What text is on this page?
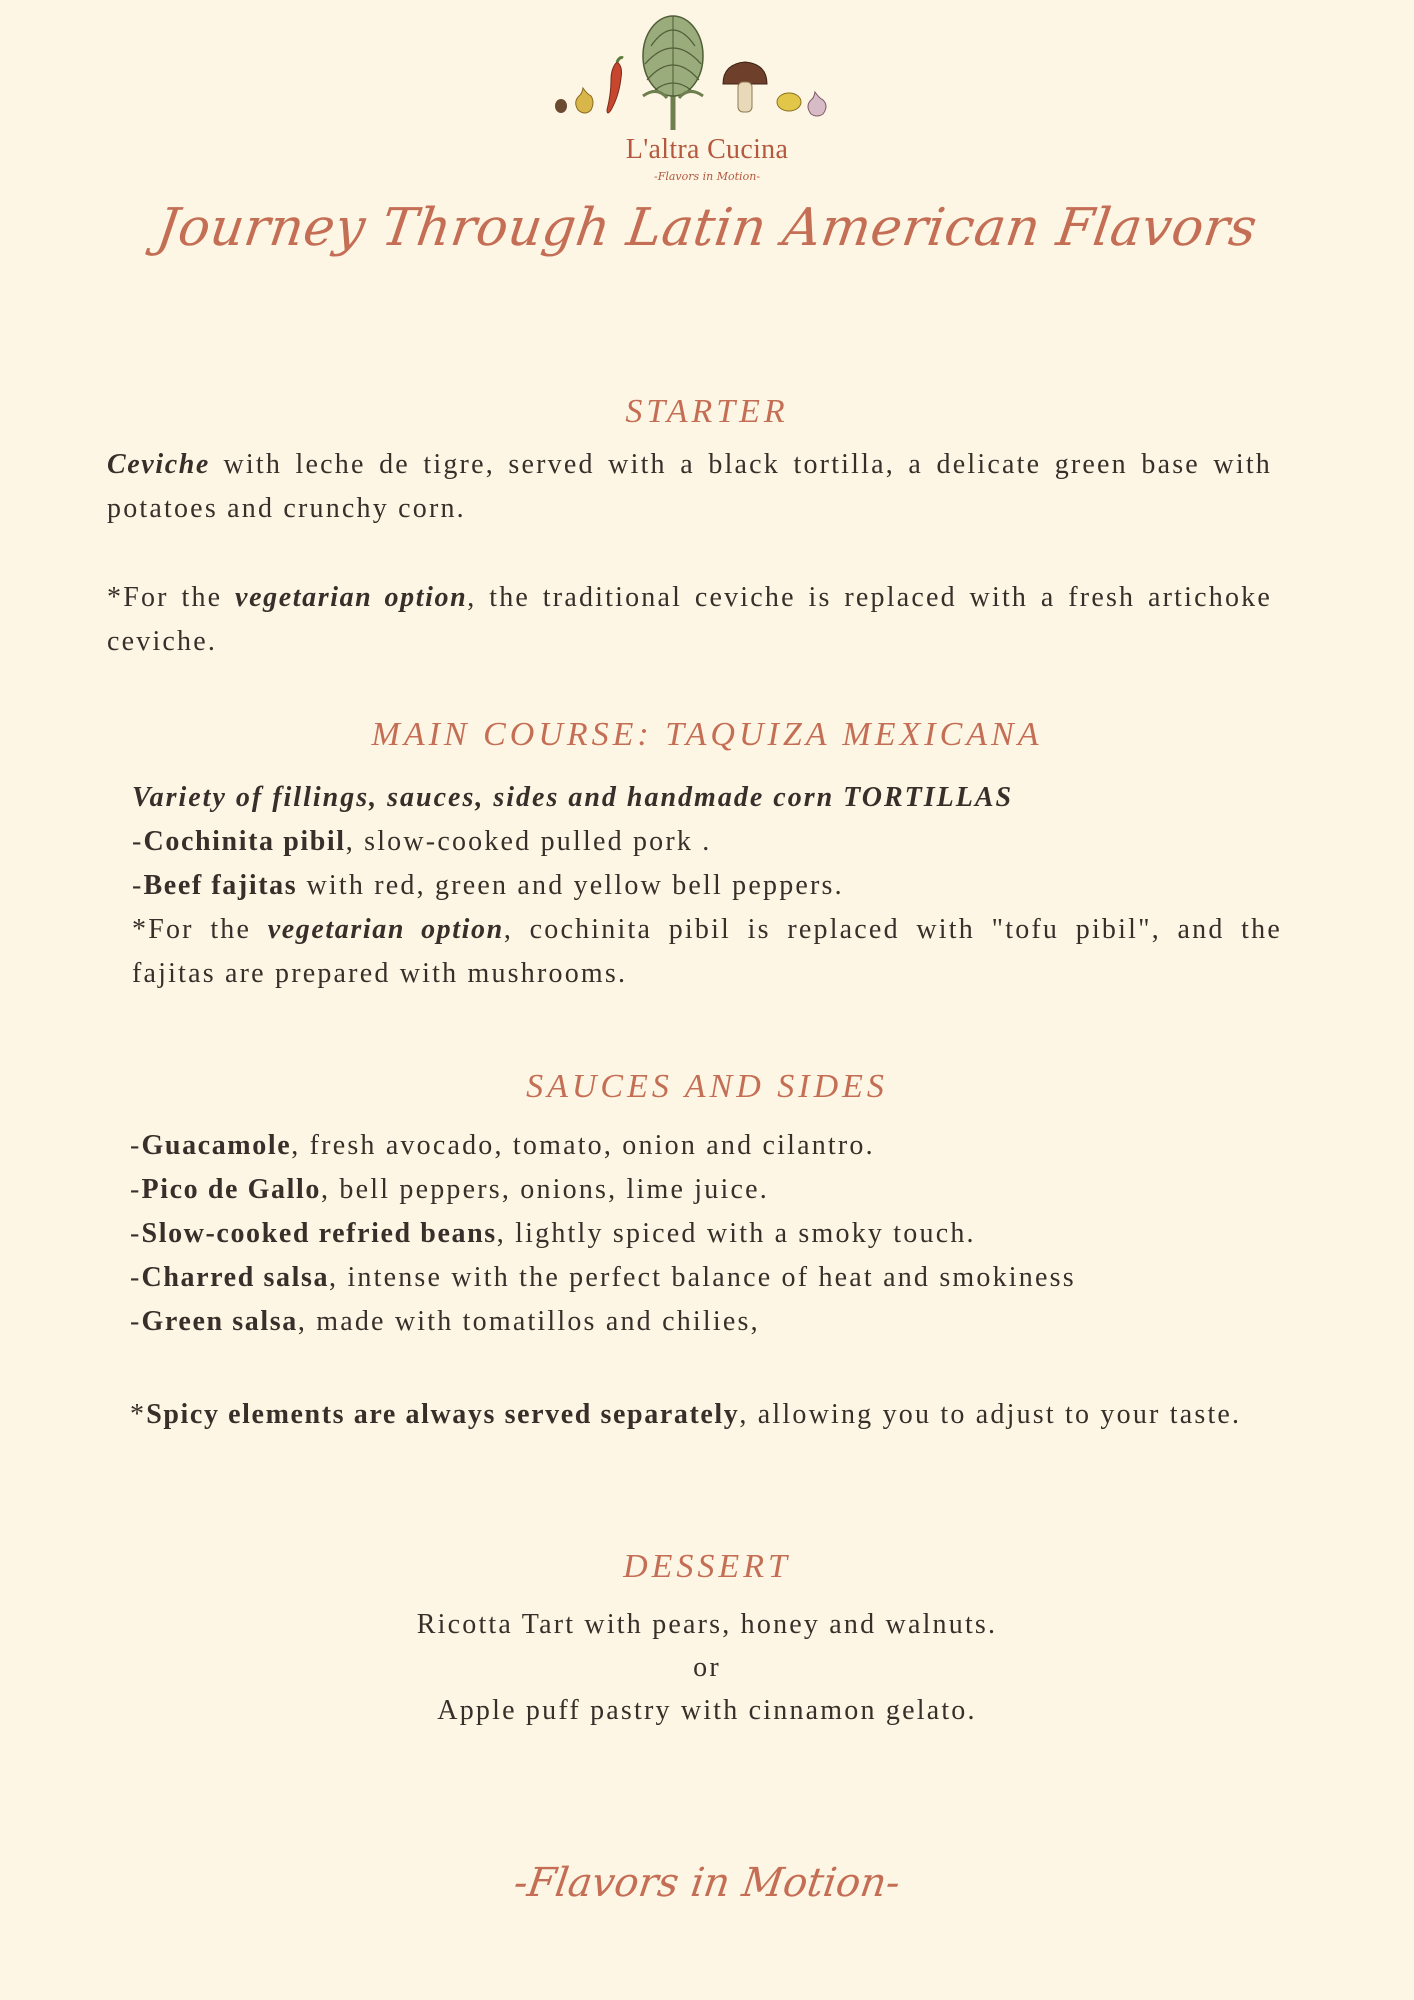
L'altra Cucina
-Flavors in Motion-
Journey Through Latin American Flavors
STARTER
Ceviche with leche de tigre, served with a black tortilla, a delicate green base with potatoes and crunchy corn.
*For the vegetarian option, the traditional ceviche is replaced with a fresh artichoke ceviche.
MAIN COURSE: TAQUIZA MEXICANA
Variety of fillings, sauces, sides and handmade corn TORTILLAS
-Cochinita pibil, slow-cooked pulled pork .
-Beef fajitas with red, green and yellow bell peppers.
*For the vegetarian option, cochinita pibil is replaced with "tofu pibil", and the fajitas are prepared with mushrooms.
SAUCES AND SIDES
-Guacamole, fresh avocado, tomato, onion and cilantro.
-Pico de Gallo, bell peppers, onions, lime juice.
-Slow-cooked refried beans, lightly spiced with a smoky touch.
-Charred salsa, intense with the perfect balance of heat and smokiness
-Green salsa, made with tomatillos and chilies,
*Spicy elements are always served separately, allowing you to adjust to your taste.
DESSERT
Ricotta Tart with pears, honey and walnuts.
or
Apple puff pastry with cinnamon gelato.
-Flavors in Motion-
